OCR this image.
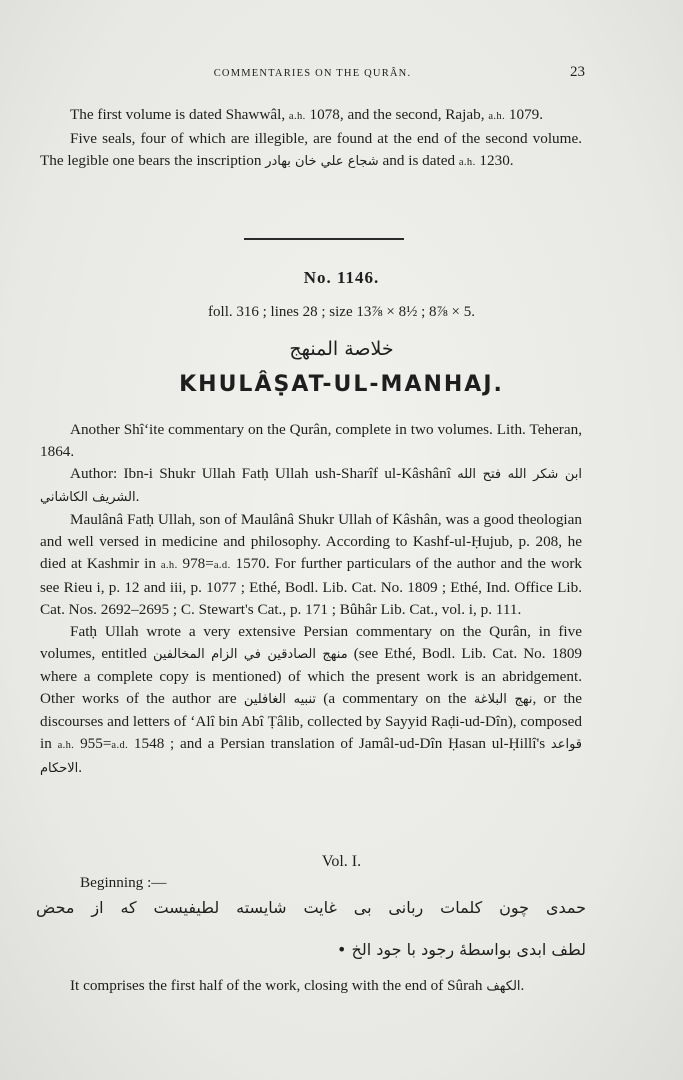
COMMENTARIES ON THE QURÂN.	23

The first volume is dated Shawwâl, a.h. 1078, and the second, Rajab, a.h. 1079.

Five seals, four of which are illegible, are found at the end of the second volume. The legible one bears the inscription شجاع علي خان بهادر and is dated a.h. 1230.

No. 1146.
foll. 316 ; lines 28 ; size 13⅞ × 8½ ; 8⅞ × 5.
خلاصة المنهج
KHULÂṢAT-UL-MANHAJ.

Another Shî‘ite commentary on the Qurân, complete in two volumes. Lith. Teheran, 1864.

Author: Ibn-i Shukr Ullah Fatḥ Ullah ush-Sharîf ul-Kâshânî ابن شكر الله فتح الله الشريف الكاشاني.

Maulânâ Fatḥ Ullah, son of Maulânâ Shukr Ullah of Kâshân, was a good theologian and well versed in medicine and philosophy. According to Kashf-ul-Ḥujub, p. 208, he died at Kashmir in a.h. 978=a.d. 1570. For further particulars of the author and the work see Rieu i, p. 12 and iii, p. 1077 ; Ethé, Bodl. Lib. Cat. No. 1809 ; Ethé, Ind. Office Lib. Cat. Nos. 2692–2695 ; C. Stewart's Cat., p. 171 ; Bûhâr Lib. Cat., vol. i, p. 111.

Fatḥ Ullah wrote a very extensive Persian commentary on the Qurân, in five volumes, entitled منهج الصادقين في الزام المخالفين (see Ethé, Bodl. Lib. Cat. No. 1809 where a complete copy is mentioned) of which the present work is an abridgement. Other works of the author are تنبيه الغافلين (a commentary on the نهج البلاغة, or the discourses and letters of ‘Alî bin Abî Ṭâlib, collected by Sayyid Raḍi-ud-Dîn), composed in a.h. 955=a.d. 1548 ; and a Persian translation of Jamâl-ud-Dîn Ḥasan ul-Ḥillî's قواعد الاحكام.

Vol. I.
Beginning :—
حمدی چون کلمات ربانی بی غایت شایسته لطیفیست که از محض
لطف ابدی بواسطهٔ رجود با جود الخ •

It comprises the first half of the work, closing with the end of Sûrah الكهف.
